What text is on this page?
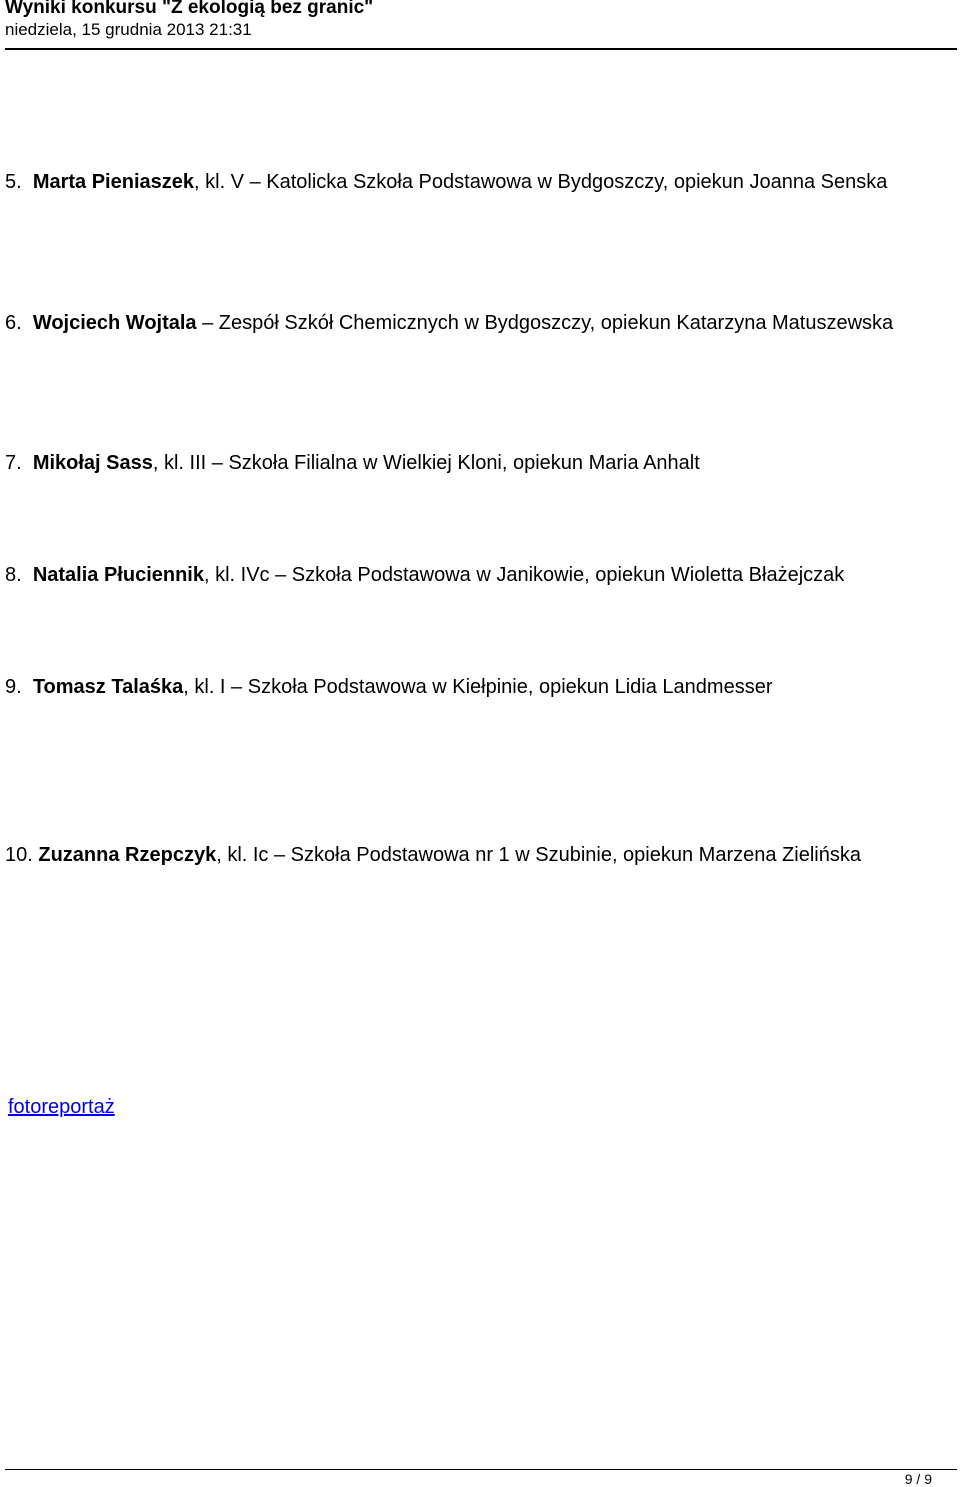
Wyniki konkursu "Z ekologią bez granic"
niedziela, 15 grudnia 2013 21:31
5. Marta Pieniaszek, kl. V – Katolicka Szkoła Podstawowa w Bydgoszczy, opiekun Joanna Senska
6. Wojciech Wojtala – Zespół Szkół Chemicznych w Bydgoszczy, opiekun Katarzyna Matuszewska
7. Mikołaj Sass, kl. III – Szkoła Filialna w Wielkiej Kloni, opiekun Maria Anhalt
8. Natalia Płuciennik, kl. IVc – Szkoła Podstawowa w Janikowie, opiekun Wioletta Błażejczak
9. Tomasz Talaśka, kl. I – Szkoła Podstawowa w Kiełpinie, opiekun Lidia Landmesser
10. Zuzanna Rzepczyk, kl. Ic – Szkoła Podstawowa nr 1 w Szubinie, opiekun Marzena Zielińska
fotoreportaż
9 / 9
